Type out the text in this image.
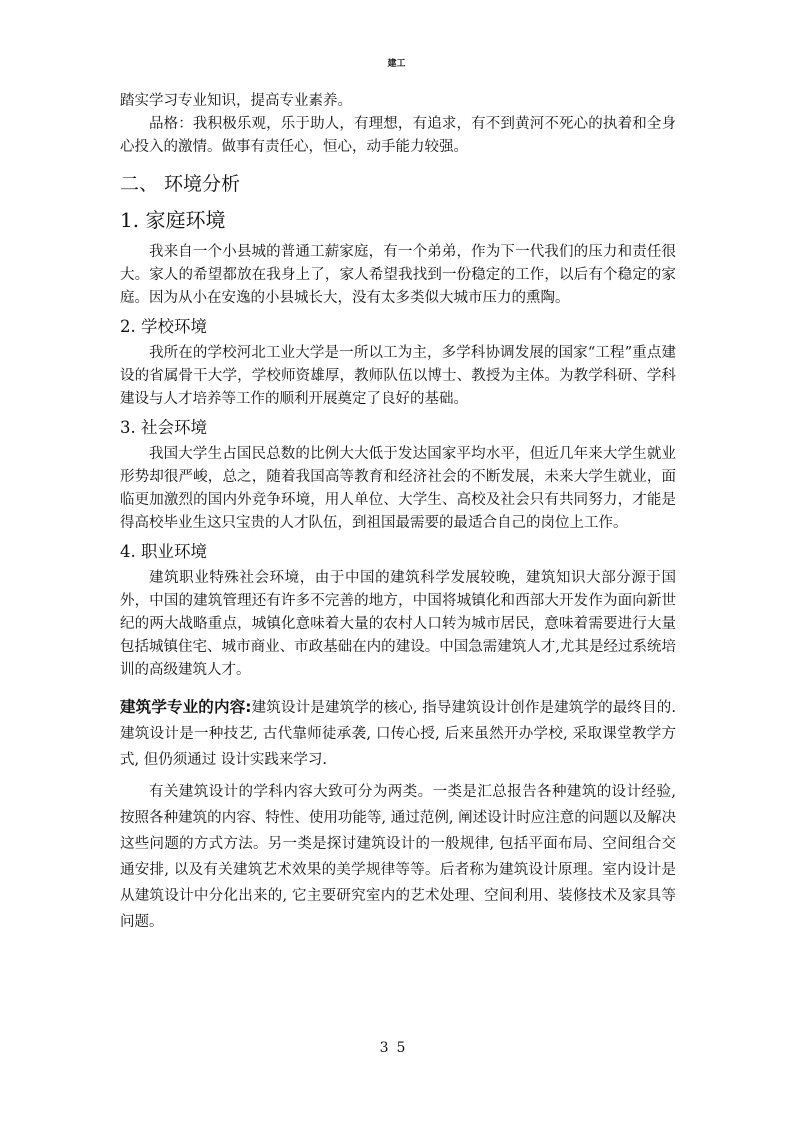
建工

踏实学习专业知识，提高专业素养。

品格：我积极乐观，乐于助人，有理想，有追求，有不到黄河不死心的执着和全身心投入的激情。做事有责任心，恒心，动手能力较强。

二、 环境分析
1. 家庭环境

我来自一个小县城的普通工薪家庭，有一个弟弟，作为下一代我们的压力和责任很大。家人的希望都放在我身上了，家人希望我找到一份稳定的工作，以后有个稳定的家庭。因为从小在安逸的小县城长大，没有太多类似大城市压力的熏陶。

2. 学校环境

我所在的学校河北工业大学是一所以工为主，多学科协调发展的国家“工程”重点建设的省属骨干大学，学校师资雄厚，教师队伍以博士、教授为主体。为教学科研、学科建设与人才培养等工作的顺利开展奠定了良好的基础。

3. 社会环境

我国大学生占国民总数的比例大大低于发达国家平均水平，但近几年来大学生就业形势却很严峻，总之，随着我国高等教育和经济社会的不断发展，未来大学生就业，面临更加激烈的国内外竞争环境，用人单位、大学生、高校及社会只有共同努力，才能是得高校毕业生这只宝贵的人才队伍，到祖国最需要的最适合自己的岗位上工作。

4. 职业环境

建筑职业特殊社会环境，由于中国的建筑科学发展较晚，建筑知识大部分源于国外，中国的建筑管理还有许多不完善的地方，中国将城镇化和西部大开发作为面向新世纪的两大战略重点，城镇化意味着大量的农村人口转为城市居民，意味着需要进行大量包括城镇住宅、城市商业、市政基础在内的建设。中国急需建筑人才,尤其是经过系统培训的高级建筑人才。

建筑学专业的内容:建筑设计是建筑学的核心, 指导建筑设计创作是建筑学的最终目的. 建筑设计是一种技艺, 古代靠师徒承袭, 口传心授, 后来虽然开办学校, 采取课堂教学方式, 但仍须通过 设计实践来学习.

有关建筑设计的学科内容大致可分为两类。一类是汇总报告各种建筑的设计经验, 按照各种建筑的内容、特性、使用功能等, 通过范例, 阐述设计时应注意的问题以及解决这些问题的方式方法。另一类是探讨建筑设计的一般规律, 包括平面布局、空间组合交通安排, 以及有关建筑艺术效果的美学规律等等。后者称为建筑设计原理。室内设计是从建筑设计中分化出来的, 它主要研究室内的艺术处理、空间利用、装修技术及家具等问题。

35
